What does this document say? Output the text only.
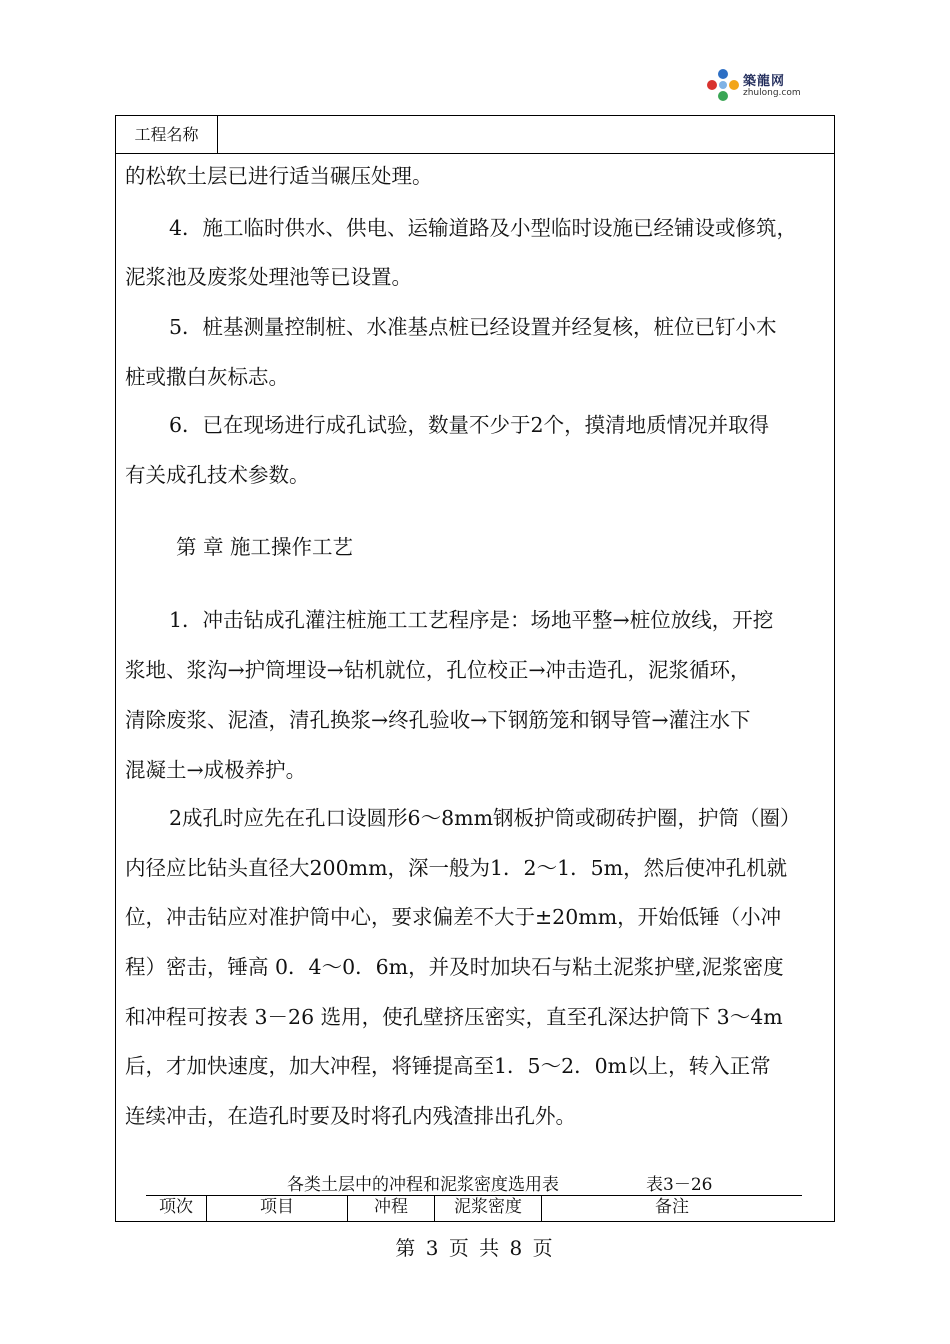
築龍网
zhulong.com
工程名称
的松软土层已进行适当碾压处理。
4．施工临时供水、供电、运输道路及小型临时设施已经铺设或修筑，
泥浆池及废浆处理池等已设置。
5．桩基测量控制桩、水准基点桩已经设置并经复核，桩位已钉小木
桩或撒白灰标志。
6．已在现场进行成孔试验，数量不少于2个，摸清地质情况并取得
有关成孔技术参数。
第 章 施工操作工艺
1．冲击钻成孔灌注桩施工工艺程序是：场地平整→桩位放线，开挖
浆地、浆沟→护筒埋设→钻机就位，孔位校正→冲击造孔，泥浆循环，
清除废浆、泥渣，清孔换浆→终孔验收→下钢筋笼和钢导管→灌注水下
混凝土→成极养护。
2成孔时应先在孔口设圆形6～8mm钢板护筒或砌砖护圈，护筒（圈）
内径应比钻头直径大200mm，深一般为1．2～1．5m，然后使冲孔机就
位，冲击钻应对准护筒中心，要求偏差不大于±20mm，开始低锤（小冲
程）密击，锤高 0．4～0．6m，并及时加块石与粘土泥浆护壁,泥浆密度
和冲程可按表 3－26 选用，使孔壁挤压密实，直至孔深达护筒下 3～4m
后，才加快速度，加大冲程，将锤提高至1．5～2．0m以上，转入正常
连续冲击，在造孔时要及时将孔内残渣排出孔外。
各类土层中的冲程和泥浆密度选用表	表3－26
项次	项目	冲程	泥浆密度	备注
第 3 页 共 8 页
